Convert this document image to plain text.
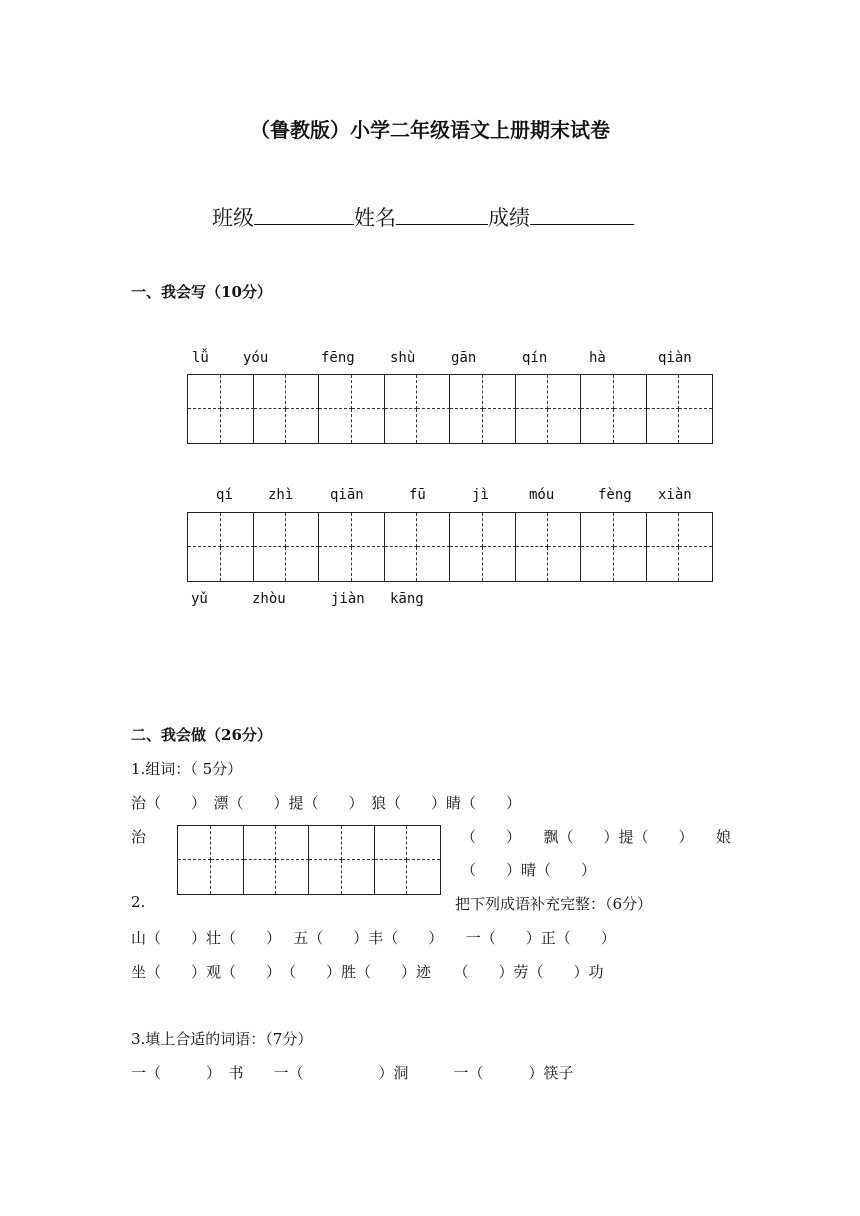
（鲁教版）小学二年级语文上册期末试卷
班级	姓名	成绩
一、我会写（10分）
lǚ yóu	fēng	shù	gān	qín	hà	qiàn
qí	zhì	qiān	fū	jì	móu	fèng xiàn
yǔ	zhòu	jiàn kāng
二、我会做（26分）
1.组词：（ 5分）
治（　　）　漂（　　）提（　　）　狼（　　）睛（　　）
治	（　　）　　飘（　　）提（　　）　　娘
（　　）晴（　　）
2.	把下列成语补充完整：（6分）
山（　　）壮（　　）　 五（　　）丰（　　）　　一（　　）正（　　）
坐（　　）观（　　）　（　　）胜（　　）迹　　（　　）劳（　　）功
3.填上合适的词语：（7分）
一（　　　）　书　　一（　　　　　）洞　　　一（　　　）筷子
